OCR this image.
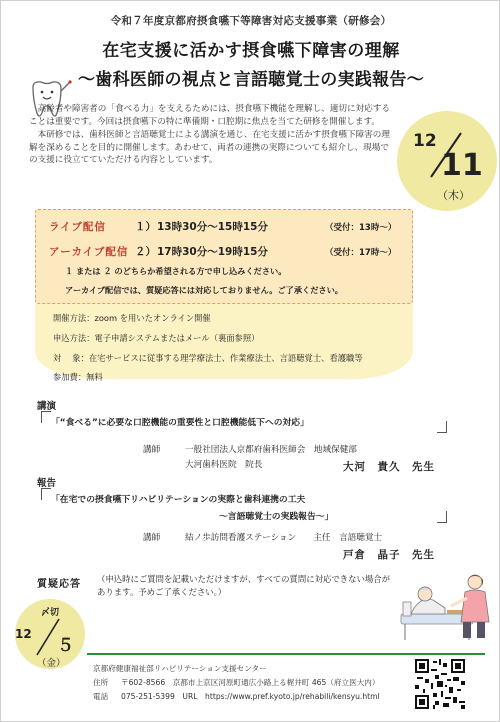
令和７年度京都府摂食嚥下等障害対応支援事業（研修会）
在宅支援に活かす摂食嚥下障害の理解
〜歯科医師の視点と言語聴覚士の実践報告〜

高齢者や障害者の「食べる力」を支えるためには、摂食嚥下機能を理解し、適切に対応することは重要です。今回は摂食嚥下の特に準備期・口腔期に焦点を当てた研修を開催します。

本研修では、歯科医師と言語聴覚士による講演を通じ、在宅支援に活かす摂食嚥下障害の理解を深めることを目的に開催します。あわせて、両者の連携の実際についても紹介し、現場での支援に役立てていただける内容としています。

12
11
（木）
ライブ配信	１）13時30分〜15時15分	（受付：13時〜）
アーカイブ配信 ２）17時30分〜19時15分	（受付：17時〜）
１ または ２ のどちらか希望される方で申し込みください。
アーカイブ配信では、質疑応答には対応しておりません。ご了承ください。
開催方法：zoom を用いたオンライン開催
申込方法：電子申請システムまたはメール（裏面参照）
対　 象：在宅サービスに従事する理学療法士、作業療法士、言語聴覚士、看護職等
参加費：無料
講演
「“食べる”に必要な口腔機能の重要性と口腔機能低下への対応」
講師	一般社団法人京都府歯科医師会　地域保健部
大河歯科医院　院長	大河　貴久　先生
報告
「在宅での摂食嚥下リハビリテーションの実際と歯科連携の工夫
〜言語聴覚士の実践報告〜」
講師	結ノ歩訪問看護ステーション　　主任　言語聴覚士
戸倉　晶子　先生
質疑応答 （申込時にご質問を記載いただけますが、すべての質問に対応できない場合があります。予めご了承ください。）
〆切
12
５
（金）	京都府健康福祉部リハビリテーション支援センター
住所 〒602-8566　京都市上京区河原町通広小路上る梶井町 465（府立医大内）
電話 075-251-5399　URL　https://www.pref.kyoto.jp/rehabili/kensyu.html
